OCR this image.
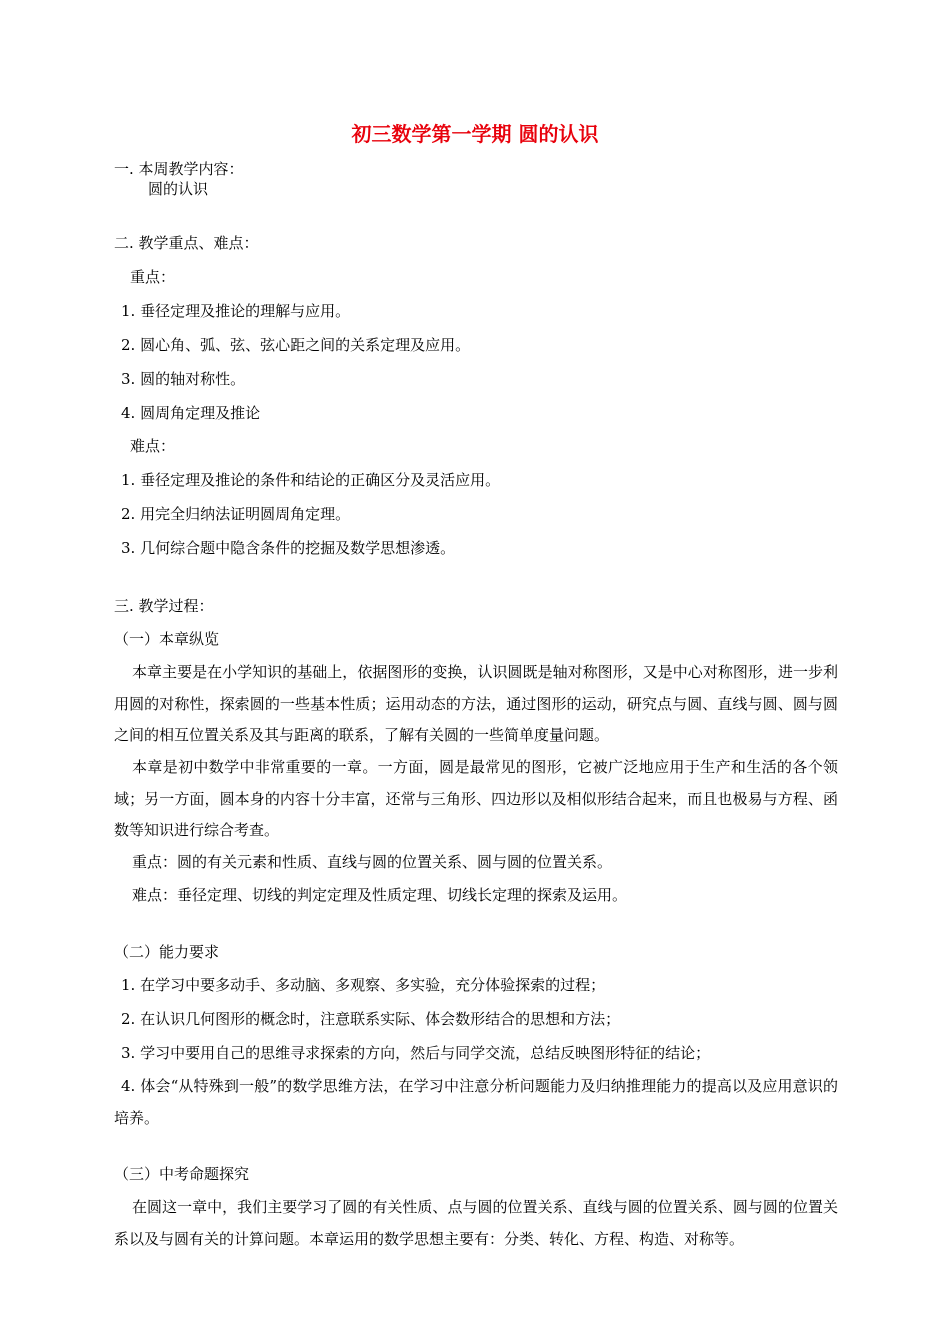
初三数学第一学期 圆的认识
一. 本周教学内容：
圆的认识
二. 教学重点、难点：
重点：
1. 垂径定理及推论的理解与应用。
2. 圆心角、弧、弦、弦心距之间的关系定理及应用。
3. 圆的轴对称性。
4. 圆周角定理及推论
难点：
1. 垂径定理及推论的条件和结论的正确区分及灵活应用。
2. 用完全归纳法证明圆周角定理。
3. 几何综合题中隐含条件的挖掘及数学思想渗透。
三. 教学过程：
（一）本章纵览
本章主要是在小学知识的基础上，依据图形的变换，认识圆既是轴对称图形，又是中心对称图形，进一步利用圆的对称性，探索圆的一些基本性质；运用动态的方法，通过图形的运动，研究点与圆、直线与圆、圆与圆之间的相互位置关系及其与距离的联系，了解有关圆的一些简单度量问题。
本章是初中数学中非常重要的一章。一方面，圆是最常见的图形，它被广泛地应用于生产和生活的各个领域；另一方面，圆本身的内容十分丰富，还常与三角形、四边形以及相似形结合起来，而且也极易与方程、函数等知识进行综合考查。
重点：圆的有关元素和性质、直线与圆的位置关系、圆与圆的位置关系。
难点：垂径定理、切线的判定定理及性质定理、切线长定理的探索及运用。
（二）能力要求
1. 在学习中要多动手、多动脑、多观察、多实验，充分体验探索的过程；
2. 在认识几何图形的概念时，注意联系实际、体会数形结合的思想和方法；
3. 学习中要用自己的思维寻求探索的方向，然后与同学交流，总结反映图形特征的结论；
4. 体会“从特殊到一般”的数学思维方法，在学习中注意分析问题能力及归纳推理能力的提高以及应用意识的培养。
（三）中考命题探究
在圆这一章中，我们主要学习了圆的有关性质、点与圆的位置关系、直线与圆的位置关系、圆与圆的位置关系以及与圆有关的计算问题。本章运用的数学思想主要有：分类、转化、方程、构造、对称等。
